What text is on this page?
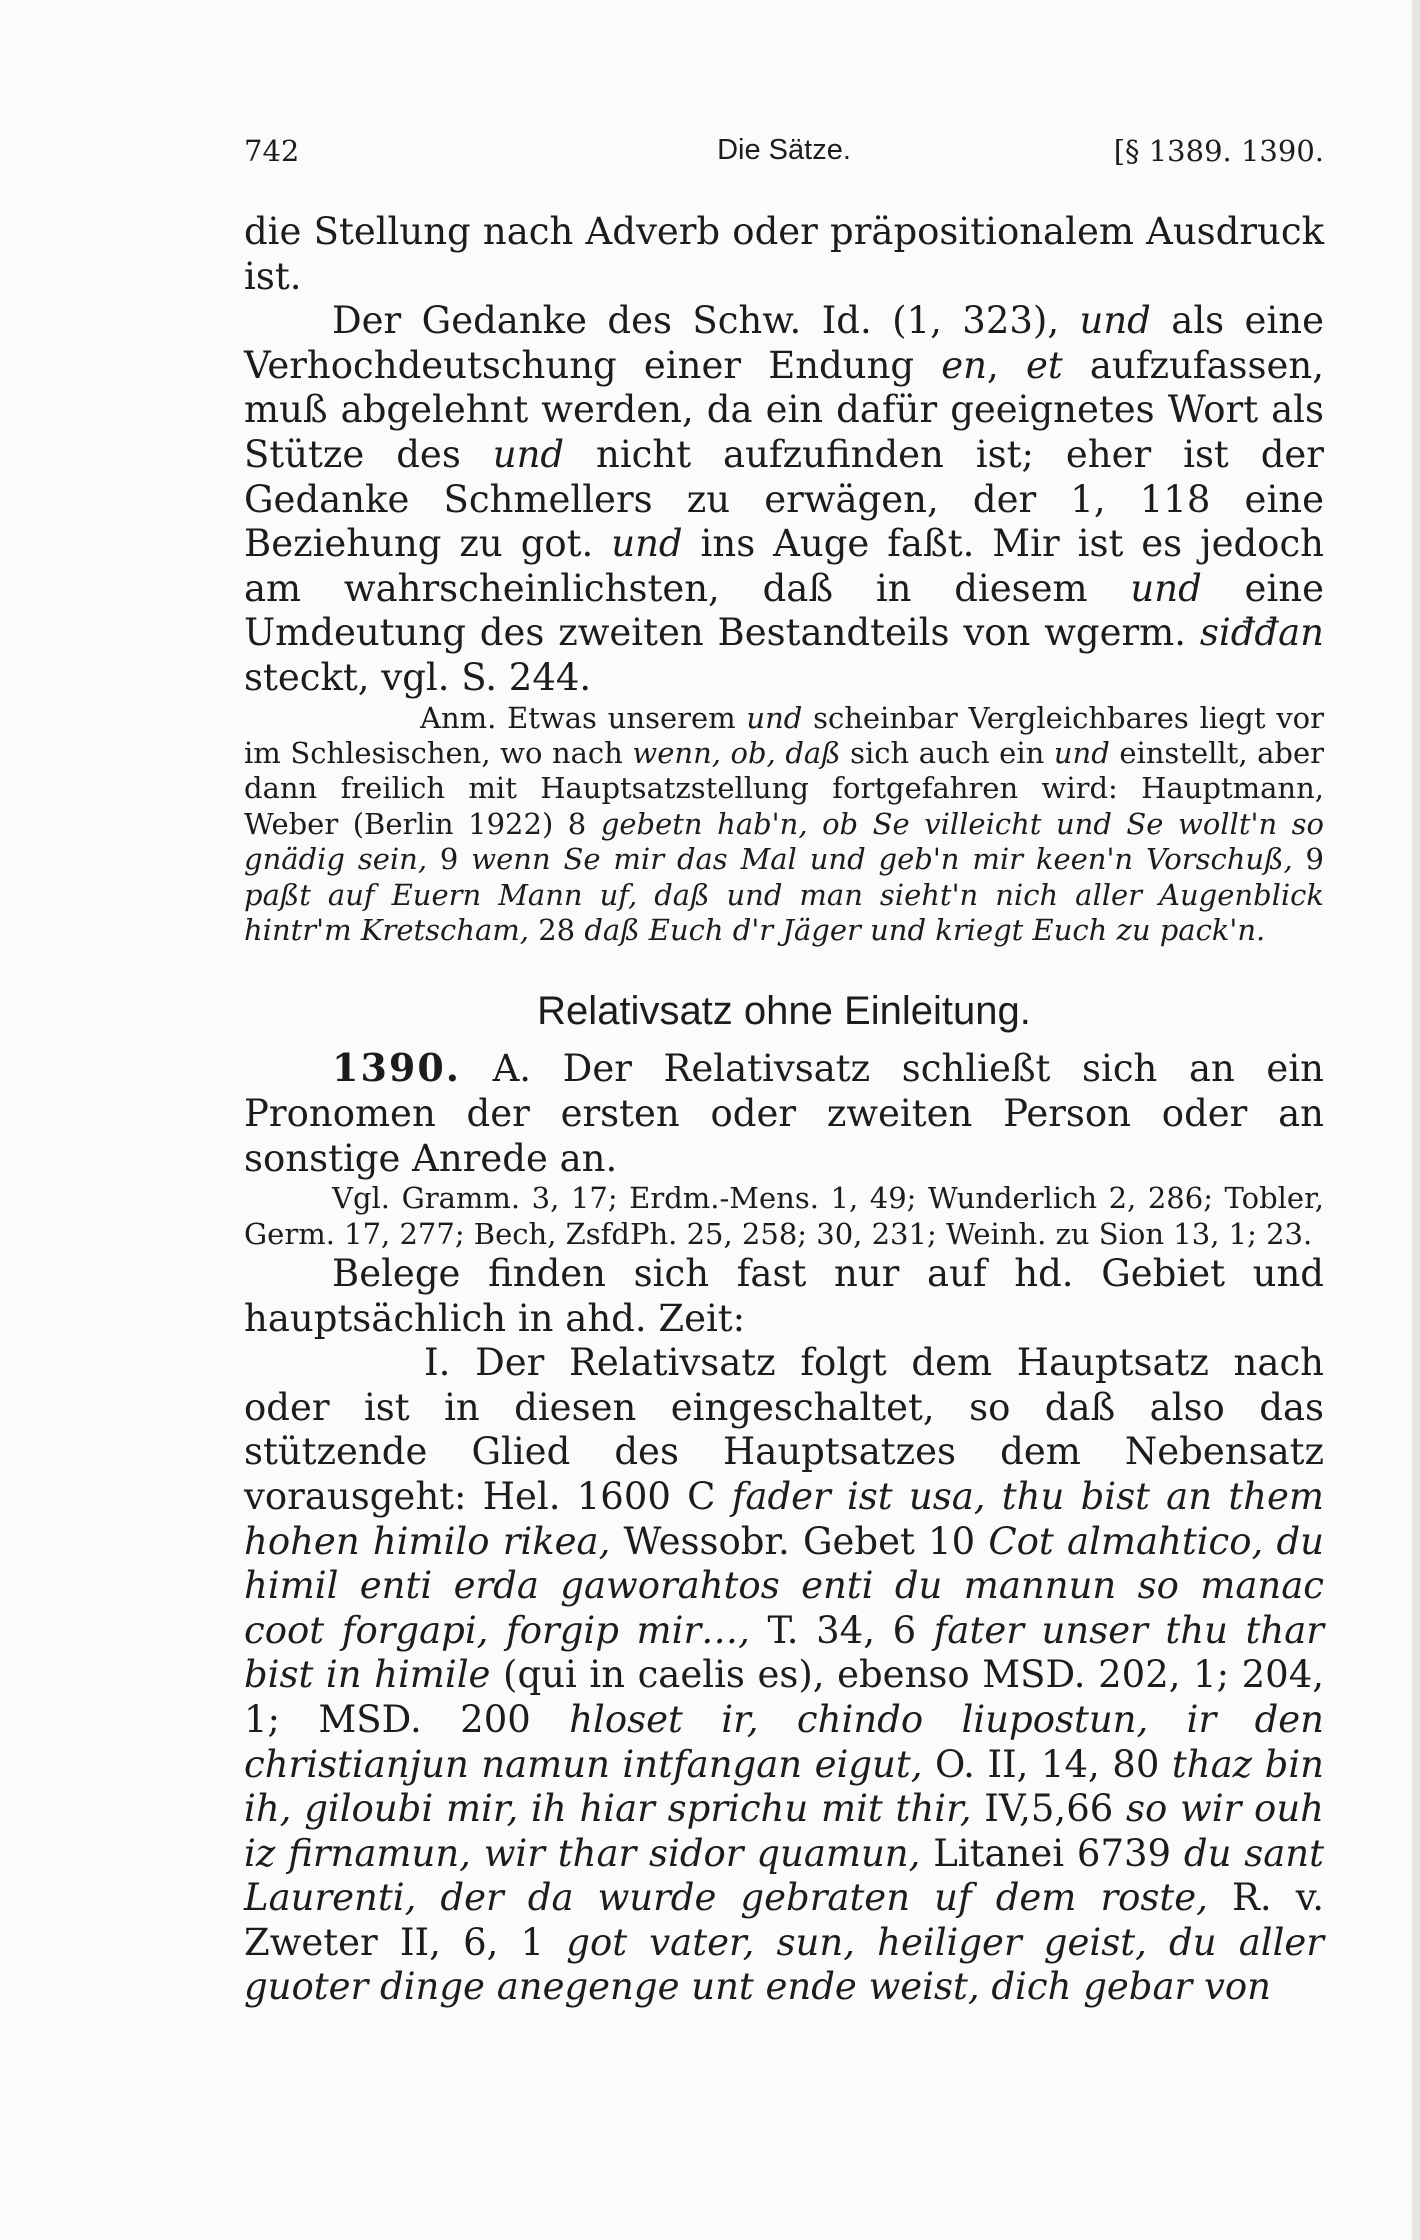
Die Sätze.
742	[§ 1389. 1390.

die Stellung nach Adverb oder präpositionalem Ausdruck ist.

Der Gedanke des Schw. Id. (1, 323), und als eine Verhochdeutschung einer Endung en, et aufzufassen, muß abgelehnt werden, da ein dafür geeignetes Wort als Stütze des und nicht aufzufinden ist; eher ist der Gedanke Schmellers zu erwägen, der 1, 118 eine Beziehung zu got. und ins Auge faßt. Mir ist es jedoch am wahrscheinlichsten, daß in diesem und eine Umdeutung des zweiten Bestandteils von wgerm. siđđan steckt, vgl. S. 244.

Anm. Etwas unserem und scheinbar Vergleichbares liegt vor im Schlesischen, wo nach wenn, ob, daß sich auch ein und einstellt, aber dann freilich mit Hauptsatzstellung fortgefahren wird: Hauptmann, Weber (Berlin 1922) 8 gebetn hab'n, ob Se villeicht und Se wollt'n so gnädig sein, 9 wenn Se mir das Mal und geb'n mir keen'n Vorschuß, 9 paßt auf Euern Mann uf, daß und man sieht'n nich aller Augenblick hintr'm Kretscham, 28 daß Euch d'r Jäger und kriegt Euch zu pack'n.

Relativsatz ohne Einleitung.

1390. A. Der Relativsatz schließt sich an ein Pronomen der ersten oder zweiten Person oder an sonstige Anrede an.

Vgl. Gramm. 3, 17; Erdm.-Mens. 1, 49; Wunderlich 2, 286; Tobler, Germ. 17, 277; Bech, ZsfdPh. 25, 258; 30, 231; Weinh. zu Sion 13, 1; 23.

Belege finden sich fast nur auf hd. Gebiet und hauptsächlich in ahd. Zeit:

I. Der Relativsatz folgt dem Hauptsatz nach oder ist in diesen eingeschaltet, so daß also das stützende Glied des Hauptsatzes dem Nebensatz vorausgeht: Hel. 1600 C fader ist usa, thu bist an them hohen himilo rikea, Wessobr. Gebet 10 Cot almahtico, du himil enti erda gaworahtos enti du mannun so manac coot forgapi, forgip mir…, T. 34, 6 fater unser thu thar bist in himile (qui in caelis es), ebenso MSD. 202, 1; 204, 1; MSD. 200 hloset ir, chindo liupostun, ir den christianjun namun intfangan eigut, O. II, 14, 80 thaz bin ih, giloubi mir, ih hiar sprichu mit thir, IV,5,66 so wir ouh iz firnamun, wir thar sidor quamun, Litanei 6739 du sant Laurenti, der da wurde gebraten uf dem roste, R. v. Zweter II, 6, 1 got vater, sun, heiliger geist, du aller guoter dinge anegenge unt ende weist, dich gebar von
